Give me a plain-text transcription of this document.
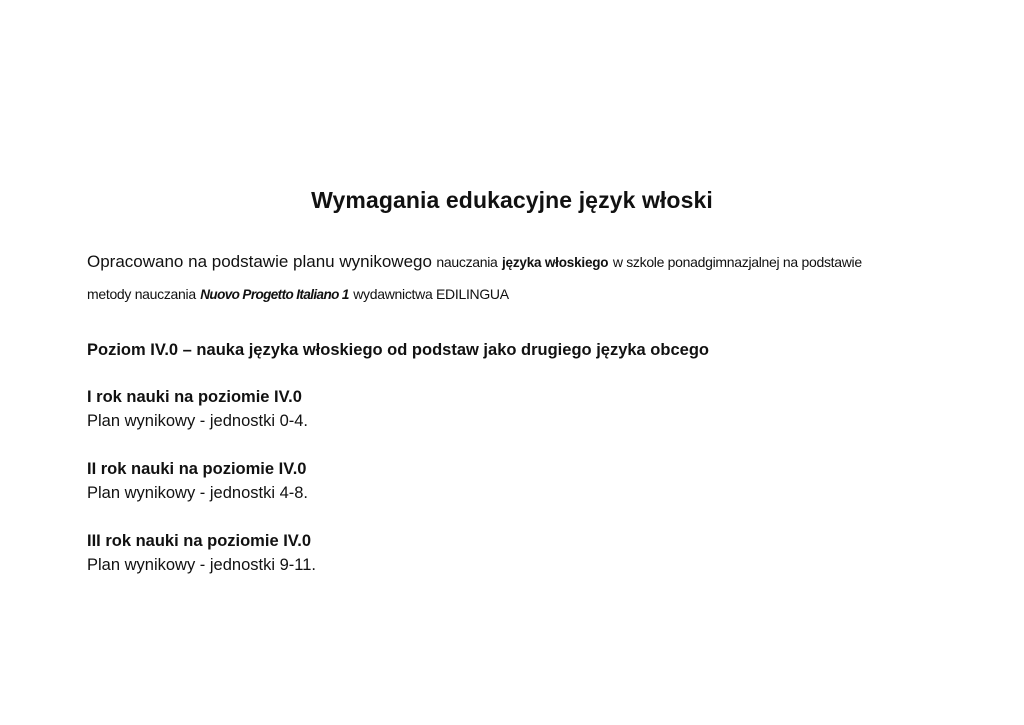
Wymagania edukacyjne język włoski
Opracowano na podstawie planu wynikowego nauczania języka włoskiego w szkole ponadgimnazjalnej na podstawie
metody nauczania Nuovo Progetto Italiano 1 wydawnictwa EDILINGUA
Poziom IV.0 – nauka języka włoskiego od podstaw jako drugiego języka obcego
I rok nauki na poziomie IV.0
Plan wynikowy - jednostki 0-4.
II rok nauki na poziomie IV.0
Plan wynikowy - jednostki 4-8.
III rok nauki na poziomie IV.0
Plan wynikowy - jednostki 9-11.
